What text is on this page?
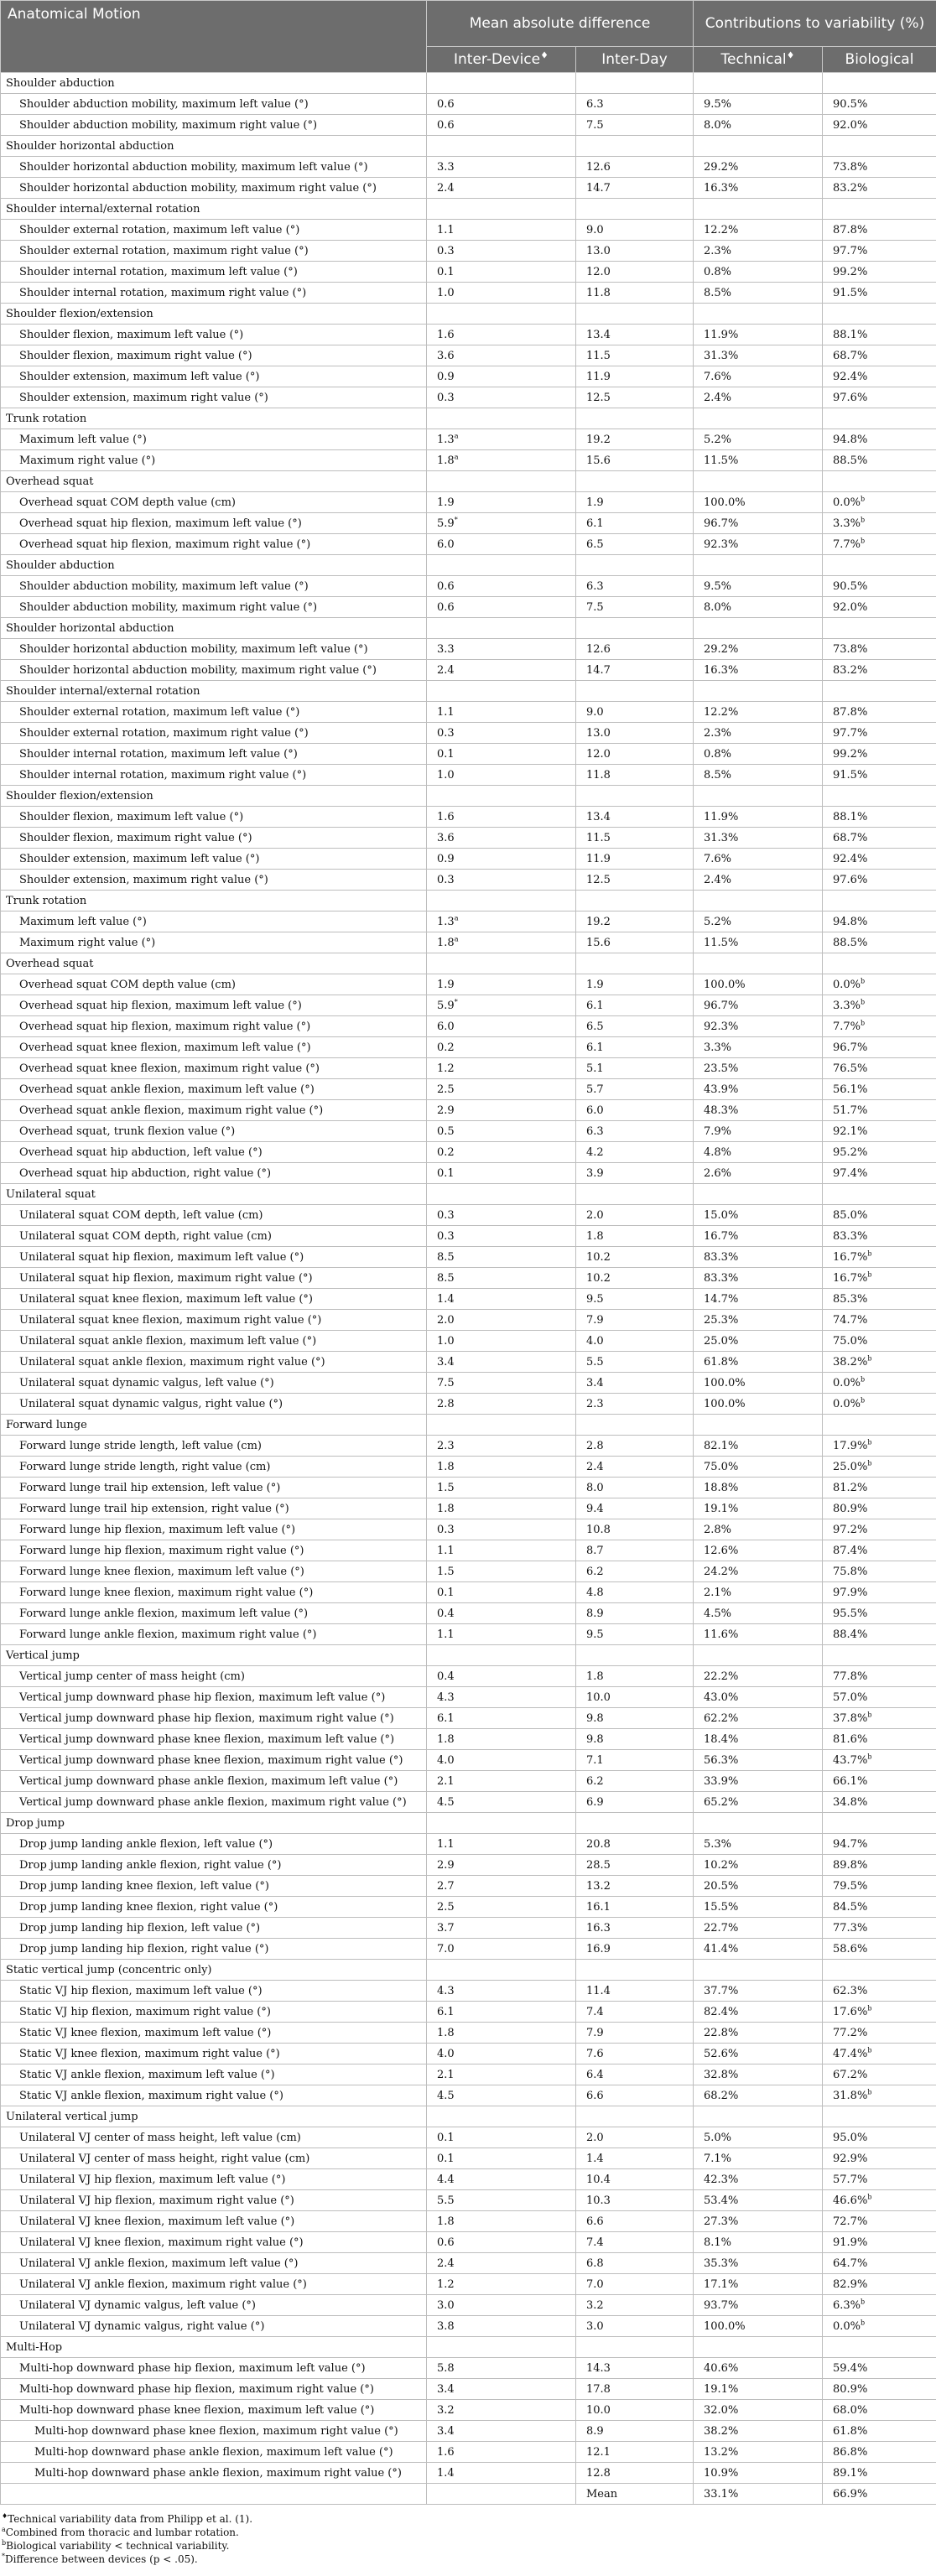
Anatomical Motion	Mean absolute difference		Contributions to variability (%)	
	Inter-Device♦	Inter-Day	Technical♦	Biological
Shoulder abduction				
Shoulder abduction mobility, maximum left value (°)	0.6	6.3	9.5%	90.5%
Shoulder abduction mobility, maximum right value (°)	0.6	7.5	8.0%	92.0%
Shoulder horizontal abduction				
Shoulder horizontal abduction mobility, maximum left value (°)	3.3	12.6	29.2%	73.8%
Shoulder horizontal abduction mobility, maximum right value (°)	2.4	14.7	16.3%	83.2%
Shoulder internal/external rotation				
Shoulder external rotation, maximum left value (°)	1.1	9.0	12.2%	87.8%
Shoulder external rotation, maximum right value (°)	0.3	13.0	2.3%	97.7%
Shoulder internal rotation, maximum left value (°)	0.1	12.0	0.8%	99.2%
Shoulder internal rotation, maximum right value (°)	1.0	11.8	8.5%	91.5%
Shoulder flexion/extension				
Shoulder flexion, maximum left value (°)	1.6	13.4	11.9%	88.1%
Shoulder flexion, maximum right value (°)	3.6	11.5	31.3%	68.7%
Shoulder extension, maximum left value (°)	0.9	11.9	7.6%	92.4%
Shoulder extension, maximum right value (°)	0.3	12.5	2.4%	97.6%
Trunk rotation				
Maximum left value (°)	1.3$^a$	19.2	5.2%	94.8%
Maximum right value (°)	1.8$^a$	15.6	11.5%	88.5%
Overhead squat				
Overhead squat COM depth value (cm)	1.9	1.9	100.0%	0.0%$^b$
Overhead squat hip flexion, maximum left value (°)	5.9*	6.1	96.7%	3.3%$^b$
Overhead squat hip flexion, maximum right value (°)	6.0	6.5	92.3%	7.7%$^b$
Shoulder abduction				
Shoulder abduction mobility, maximum left value (°)	0.6	6.3	9.5%	90.5%
Shoulder abduction mobility, maximum right value (°)	0.6	7.5	8.0%	92.0%
Shoulder horizontal abduction				
Shoulder horizontal abduction mobility, maximum left value (°)	3.3	12.6	29.2%	73.8%
Shoulder horizontal abduction mobility, maximum right value (°)	2.4	14.7	16.3%	83.2%
Shoulder internal/external rotation				
Shoulder external rotation, maximum left value (°)	1.1	9.0	12.2%	87.8%
Shoulder external rotation, maximum right value (°)	0.3	13.0	2.3%	97.7%
Shoulder internal rotation, maximum left value (°)	0.1	12.0	0.8%	99.2%
Shoulder internal rotation, maximum right value (°)	1.0	11.8	8.5%	91.5%
Shoulder flexion/extension				
Shoulder flexion, maximum left value (°)	1.6	13.4	11.9%	88.1%
Shoulder flexion, maximum right value (°)	3.6	11.5	31.3%	68.7%
Shoulder extension, maximum left value (°)	0.9	11.9	7.6%	92.4%
Shoulder extension, maximum right value (°)	0.3	12.5	2.4%	97.6%
Trunk rotation				
Maximum left value (°)	1.3$^a$	19.2	5.2%	94.8%
Maximum right value (°)	1.8$^a$	15.6	11.5%	88.5%
Overhead squat				
Overhead squat COM depth value (cm)	1.9	1.9	100.0%	0.0%$^b$
Overhead squat hip flexion, maximum left value (°)	5.9*	6.1	96.7%	3.3%$^b$
Overhead squat hip flexion, maximum right value (°)	6.0	6.5	92.3%	7.7%$^b$
Overhead squat knee flexion, maximum left value (°)	0.2	6.1	3.3%	96.7%
Overhead squat knee flexion, maximum right value (°)	1.2	5.1	23.5%	76.5%
Overhead squat ankle flexion, maximum left value (°)	2.5	5.7	43.9%	56.1%
Overhead squat ankle flexion, maximum right value (°)	2.9	6.0	48.3%	51.7%
Overhead squat, trunk flexion value (°)	0.5	6.3	7.9%	92.1%
Overhead squat hip abduction, left value (°)	0.2	4.2	4.8%	95.2%
Overhead squat hip abduction, right value (°)	0.1	3.9	2.6%	97.4%
Unilateral squat				
Unilateral squat COM depth, left value (cm)	0.3	2.0	15.0%	85.0%
Unilateral squat COM depth, right value (cm)	0.3	1.8	16.7%	83.3%
Unilateral squat hip flexion, maximum left value (°)	8.5	10.2	83.3%	16.7%$^b$
Unilateral squat hip flexion, maximum right value (°)	8.5	10.2	83.3%	16.7%$^b$
Unilateral squat knee flexion, maximum left value (°)	1.4	9.5	14.7%	85.3%
Unilateral squat knee flexion, maximum right value (°)	2.0	7.9	25.3%	74.7%
Unilateral squat ankle flexion, maximum left value (°)	1.0	4.0	25.0%	75.0%
Unilateral squat ankle flexion, maximum right value (°)	3.4	5.5	61.8%	38.2%$^b$
Unilateral squat dynamic valgus, left value (°)	7.5	3.4	100.0%	0.0%$^b$
Unilateral squat dynamic valgus, right value (°)	2.8	2.3	100.0%	0.0%$^b$
Forward lunge				
Forward lunge stride length, left value (cm)	2.3	2.8	82.1%	17.9%$^b$
Forward lunge stride length, right value (cm)	1.8	2.4	75.0%	25.0%$^b$
Forward lunge trail hip extension, left value (°)	1.5	8.0	18.8%	81.2%
Forward lunge trail hip extension, right value (°)	1.8	9.4	19.1%	80.9%
Forward lunge hip flexion, maximum left value (°)	0.3	10.8	2.8%	97.2%
Forward lunge hip flexion, maximum right value (°)	1.1	8.7	12.6%	87.4%
Forward lunge knee flexion, maximum left value (°)	1.5	6.2	24.2%	75.8%
Forward lunge knee flexion, maximum right value (°)	0.1	4.8	2.1%	97.9%
Forward lunge ankle flexion, maximum left value (°)	0.4	8.9	4.5%	95.5%
Forward lunge ankle flexion, maximum right value (°)	1.1	9.5	11.6%	88.4%
Vertical jump				
Vertical jump center of mass height (cm)	0.4	1.8	22.2%	77.8%
Vertical jump downward phase hip flexion, maximum left value (°)	4.3	10.0	43.0%	57.0%
Vertical jump downward phase hip flexion, maximum right value (°)	6.1	9.8	62.2%	37.8%$^b$
Vertical jump downward phase knee flexion, maximum left value (°)	1.8	9.8	18.4%	81.6%
Vertical jump downward phase knee flexion, maximum right value (°)	4.0	7.1	56.3%	43.7%$^b$
Vertical jump downward phase ankle flexion, maximum left value (°)	2.1	6.2	33.9%	66.1%
Vertical jump downward phase ankle flexion, maximum right value (°)	4.5	6.9	65.2%	34.8%
Drop jump				
Drop jump landing ankle flexion, left value (°)	1.1	20.8	5.3%	94.7%
Drop jump landing ankle flexion, right value (°)	2.9	28.5	10.2%	89.8%
Drop jump landing knee flexion, left value (°)	2.7	13.2	20.5%	79.5%
Drop jump landing knee flexion, right value (°)	2.5	16.1	15.5%	84.5%
Drop jump landing hip flexion, left value (°)	3.7	16.3	22.7%	77.3%
Drop jump landing hip flexion, right value (°)	7.0	16.9	41.4%	58.6%
Static vertical jump (concentric only)				
Static VJ hip flexion, maximum left value (°)	4.3	11.4	37.7%	62.3%
Static VJ hip flexion, maximum right value (°)	6.1	7.4	82.4%	17.6%$^b$
Static VJ knee flexion, maximum left value (°)	1.8	7.9	22.8%	77.2%
Static VJ knee flexion, maximum right value (°)	4.0	7.6	52.6%	47.4%$^b$
Static VJ ankle flexion, maximum left value (°)	2.1	6.4	32.8%	67.2%
Static VJ ankle flexion, maximum right value (°)	4.5	6.6	68.2%	31.8%$^b$
Unilateral vertical jump				
Unilateral VJ center of mass height, left value (cm)	0.1	2.0	5.0%	95.0%
Unilateral VJ center of mass height, right value (cm)	0.1	1.4	7.1%	92.9%
Unilateral VJ hip flexion, maximum left value (°)	4.4	10.4	42.3%	57.7%
Unilateral VJ hip flexion, maximum right value (°)	5.5	10.3	53.4%	46.6%$^b$
Unilateral VJ knee flexion, maximum left value (°)	1.8	6.6	27.3%	72.7%
Unilateral VJ knee flexion, maximum right value (°)	0.6	7.4	8.1%	91.9%
Unilateral VJ ankle flexion, maximum left value (°)	2.4	6.8	35.3%	64.7%
Unilateral VJ ankle flexion, maximum right value (°)	1.2	7.0	17.1%	82.9%
Unilateral VJ dynamic valgus, left value (°)	3.0	3.2	93.7%	6.3%$^b$
Unilateral VJ dynamic valgus, right value (°)	3.8	3.0	100.0%	0.0%$^b$
Multi-Hop				
Multi-hop downward phase hip flexion, maximum left value (°)	5.8	14.3	40.6%	59.4%
Multi-hop downward phase hip flexion, maximum right value (°)	3.4	17.8	19.1%	80.9%
Multi-hop downward phase knee flexion, maximum left value (°)	3.2	10.0	32.0%	68.0%
Multi-hop downward phase knee flexion, maximum right value (°)	3.4	8.9	38.2%	61.8%
Multi-hop downward phase ankle flexion, maximum left value (°)	1.6	12.1	13.2%	86.8%
Multi-hop downward phase ankle flexion, maximum right value (°)	1.4	12.8	10.9%	89.1%
		Mean	33.1%	66.9%
♦Technical variability data from Philipp et al. (1).
$^a$Combined from thoracic and lumbar rotation.
$^b$Biological variability < technical variability.
*Difference between devices (p < .05).
